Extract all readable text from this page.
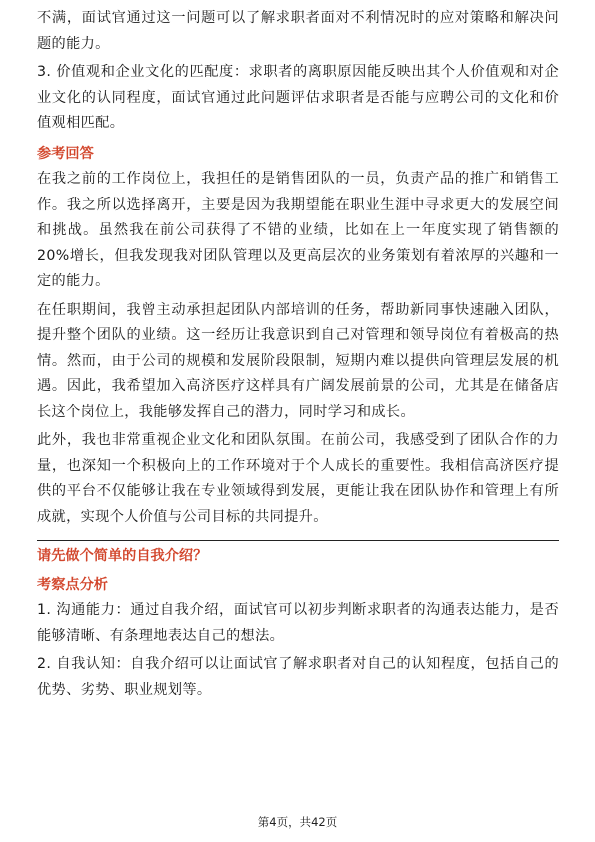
不满，面试官通过这一问题可以了解求职者面对不利情况时的应对策略和解决问题的能力。

3. 价值观和企业文化的匹配度：求职者的离职原因能反映出其个人价值观和对企业文化的认同程度，面试官通过此问题评估求职者是否能与应聘公司的文化和价值观相匹配。

参考回答

在我之前的工作岗位上，我担任的是销售团队的一员，负责产品的推广和销售工作。我之所以选择离开，主要是因为我期望能在职业生涯中寻求更大的发展空间和挑战。虽然我在前公司获得了不错的业绩，比如在上一年度实现了销售额的20%增长，但我发现我对团队管理以及更高层次的业务策划有着浓厚的兴趣和一定的能力。

在任职期间，我曾主动承担起团队内部培训的任务，帮助新同事快速融入团队，提升整个团队的业绩。这一经历让我意识到自己对管理和领导岗位有着极高的热情。然而，由于公司的规模和发展阶段限制，短期内难以提供向管理层发展的机遇。因此，我希望加入高济医疗这样具有广阔发展前景的公司，尤其是在储备店长这个岗位上，我能够发挥自己的潜力，同时学习和成长。

此外，我也非常重视企业文化和团队氛围。在前公司，我感受到了团队合作的力量，也深知一个积极向上的工作环境对于个人成长的重要性。我相信高济医疗提供的平台不仅能够让我在专业领域得到发展，更能让我在团队协作和管理上有所成就，实现个人价值与公司目标的共同提升。

请先做个简单的自我介绍？

考察点分析

1. 沟通能力：通过自我介绍，面试官可以初步判断求职者的沟通表达能力，是否能够清晰、有条理地表达自己的想法。

2. 自我认知：自我介绍可以让面试官了解求职者对自己的认知程度，包括自己的优势、劣势、职业规划等。

第4页，共42页
